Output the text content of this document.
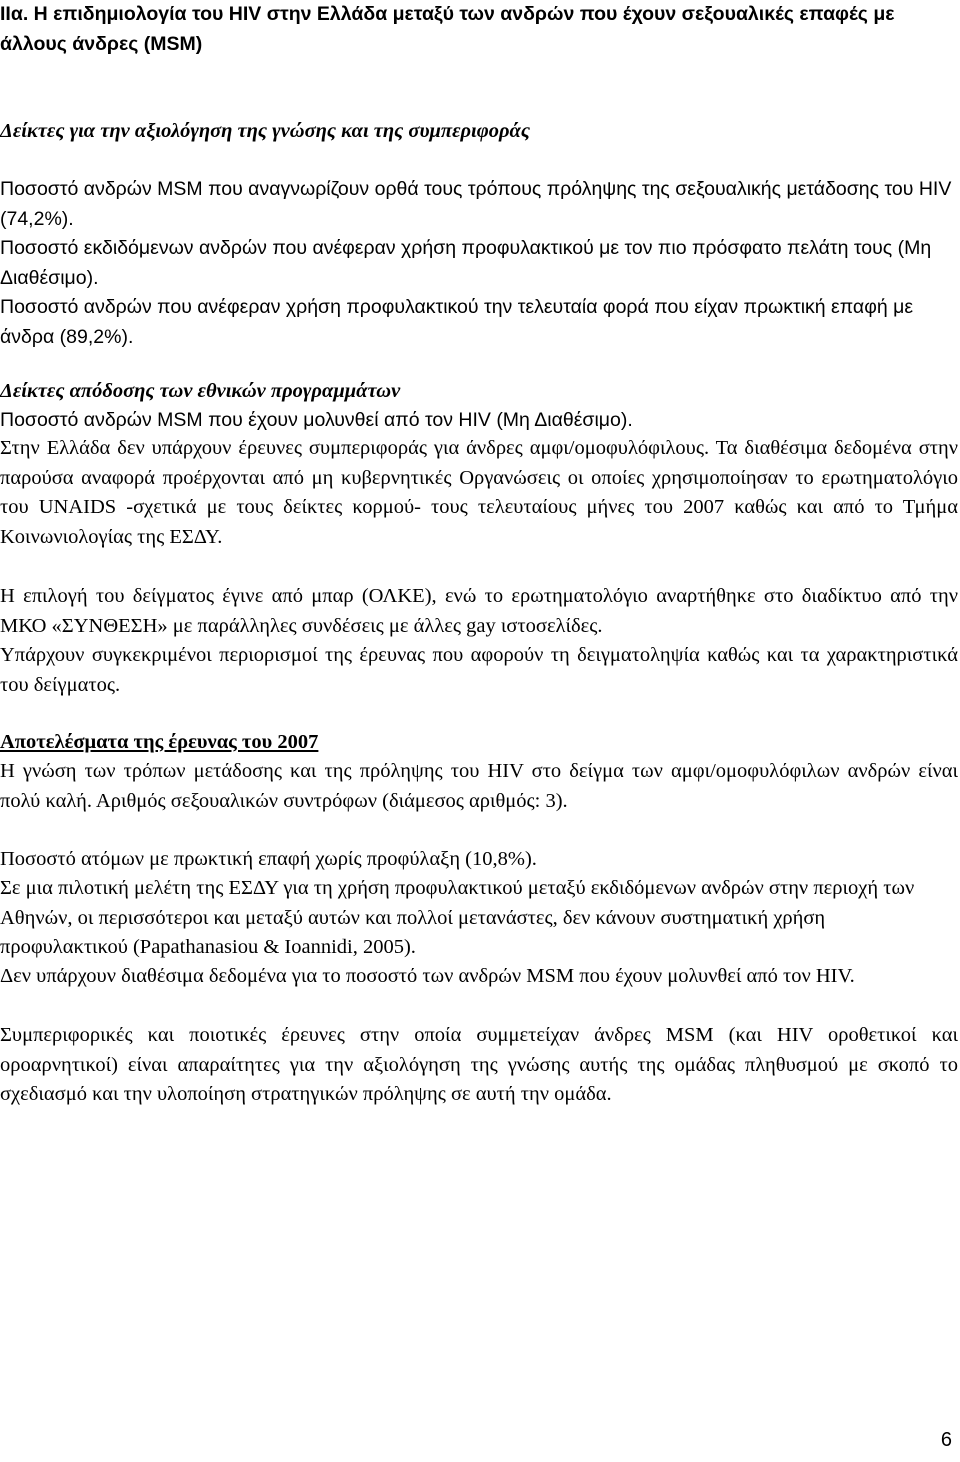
ΙΙα. Η επιδημιολογία του HIV στην Ελλάδα μεταξύ των ανδρών που έχουν σεξουαλικές επαφές με άλλους άνδρες (MSM)

Δείκτες για την αξιολόγηση της γνώσης και της συμπεριφοράς

Ποσοστό ανδρών MSM που αναγνωρίζουν ορθά τους τρόπους πρόληψης της σεξουαλικής μετάδοσης του HIV (74,2%).

Ποσοστό εκδιδόμενων ανδρών που ανέφεραν χρήση προφυλακτικού με τον πιο πρόσφατο πελάτη τους (Μη Διαθέσιμο).

Ποσοστό ανδρών που ανέφεραν χρήση προφυλακτικού την τελευταία φορά που είχαν πρωκτική επαφή με άνδρα (89,2%).

Δείκτες απόδοσης των εθνικών προγραμμάτων

Ποσοστό ανδρών MSM που έχουν μολυνθεί από τον HIV (Μη Διαθέσιμο).

Στην Ελλάδα δεν υπάρχουν έρευνες συμπεριφοράς για άνδρες αμφι/ομοφυλόφιλους. Τα διαθέσιμα δεδομένα στην παρούσα αναφορά προέρχονται από μη κυβερνητικές Οργανώσεις οι οποίες χρησιμοποίησαν το ερωτηματολόγιο του UNAIDS -σχετικά με τους δείκτες κορμού- τους τελευταίους μήνες του 2007 καθώς και από το Τμήμα Κοινωνιολογίας της ΕΣΔΥ.

Η επιλογή του δείγματος έγινε από μπαρ (ΟΛΚΕ), ενώ το ερωτηματολόγιο αναρτήθηκε στο διαδίκτυο από την ΜΚΟ «ΣΥΝΘΕΣΗ» με παράλληλες συνδέσεις με άλλες gay ιστοσελίδες.

Υπάρχουν συγκεκριμένοι περιορισμοί της έρευνας που αφορούν τη δειγματοληψία καθώς και τα χαρακτηριστικά του δείγματος.

Αποτελέσματα της έρευνας του 2007

Η γνώση των τρόπων μετάδοσης και της πρόληψης του HIV στο δείγμα των αμφι/ομοφυλόφιλων ανδρών είναι πολύ καλή. Αριθμός σεξουαλικών συντρόφων (διάμεσος αριθμός: 3).

Ποσοστό ατόμων με πρωκτική επαφή χωρίς προφύλαξη (10,8%).

Σε μια πιλοτική μελέτη της ΕΣΔΥ για τη χρήση προφυλακτικού μεταξύ εκδιδόμενων ανδρών στην περιοχή των Αθηνών, οι περισσότεροι και μεταξύ αυτών και πολλοί μετανάστες, δεν κάνουν συστηματική χρήση προφυλακτικού (Papathanasiou & Ioannidi, 2005).

Δεν υπάρχουν διαθέσιμα δεδομένα για το ποσοστό των ανδρών MSM που έχουν μολυνθεί από τον HIV.

Συμπεριφορικές και ποιοτικές έρευνες στην οποία συμμετείχαν άνδρες MSM (και HIV οροθετικοί και οροαρνητικοί) είναι απαραίτητες για την αξιολόγηση της γνώσης αυτής της ομάδας πληθυσμού με σκοπό το σχεδιασμό και την υλοποίηση στρατηγικών πρόληψης σε αυτή την ομάδα.

6
